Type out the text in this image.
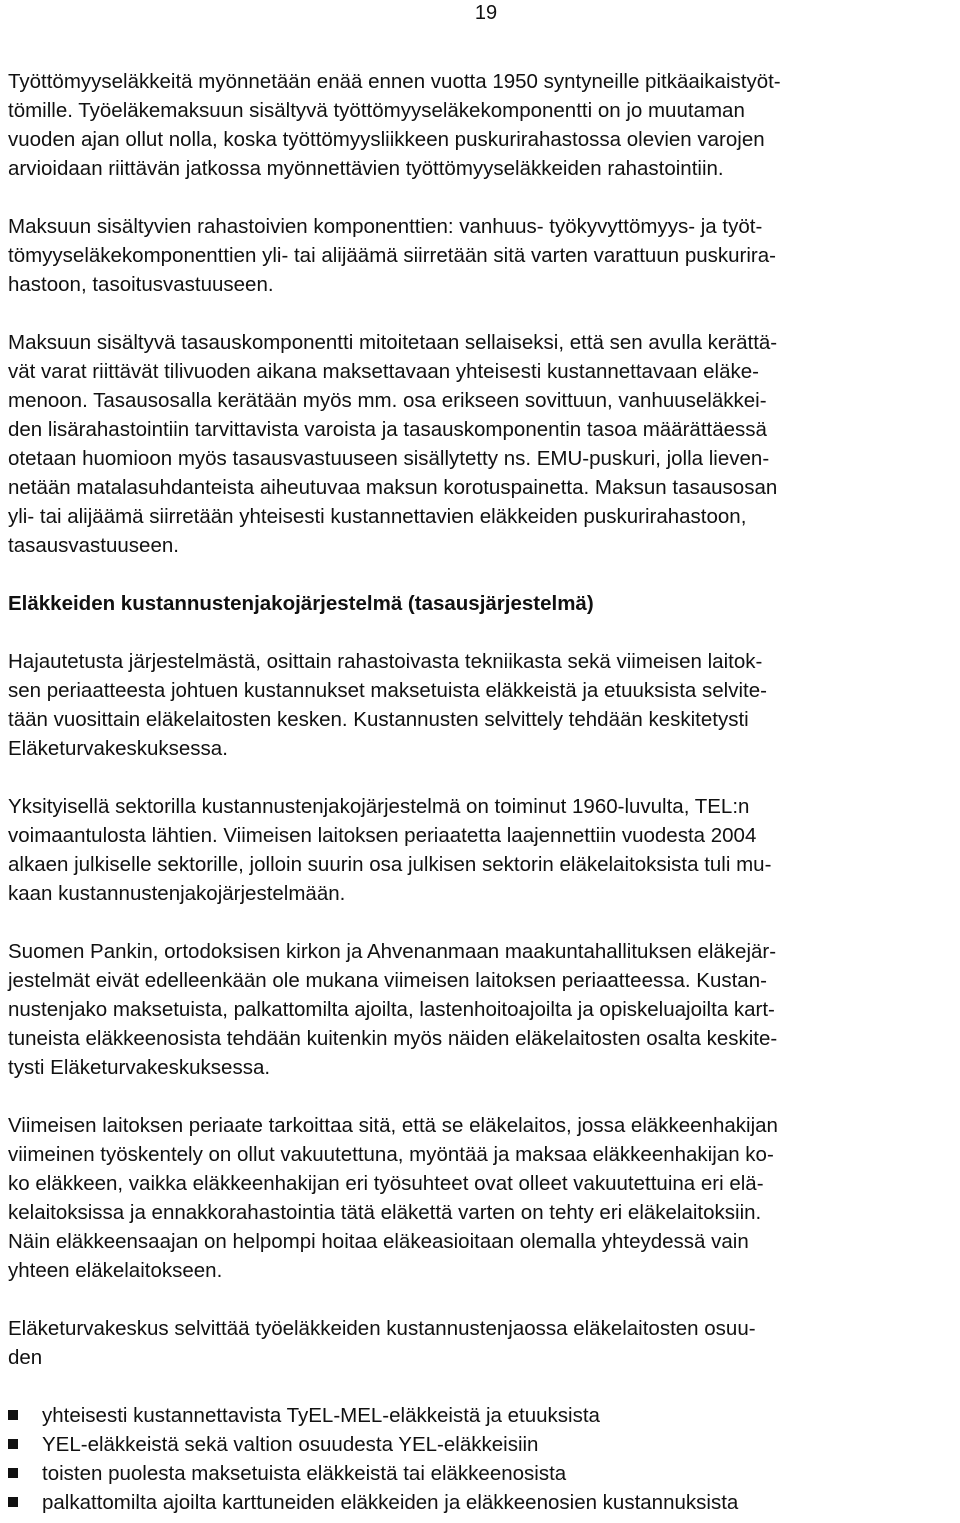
19
Työttömyyseläkkeitä myönnetään enää ennen vuotta 1950 syntyneille pitkäaikaistyöt-
tömille. Työeläkemaksuun sisältyvä työttömyyseläkekomponentti on jo muutaman
vuoden ajan ollut nolla, koska työttömyysliikkeen puskurirahastossa olevien varojen
arvioidaan riittävän jatkossa myönnettävien työttömyyseläkkeiden rahastointiin.
Maksuun sisältyvien rahastoivien komponenttien: vanhuus- työkyvyttömyys- ja työt-
tömyyseläkekomponenttien yli- tai alijäämä siirretään sitä varten varattuun puskurira-
hastoon, tasoitusvastuuseen.
Maksuun sisältyvä tasauskomponentti mitoitetaan sellaiseksi, että sen avulla kerättä-
vät varat riittävät tilivuoden aikana maksettavaan yhteisesti kustannettavaan eläke-
menoon. Tasausosalla kerätään myös mm. osa erikseen sovittuun, vanhuuseläkkei-
den lisärahastointiin tarvittavista varoista ja tasauskomponentin tasoa määrättäessä
otetaan huomioon myös tasausvastuuseen sisällytetty ns. EMU-puskuri, jolla lieven-
netään matalasuhdanteista aiheutuvaa maksun korotuspainetta. Maksun tasausosan
yli- tai alijäämä siirretään yhteisesti kustannettavien eläkkeiden puskurirahastoon,
tasausvastuuseen.
Eläkkeiden kustannustenjakojärjestelmä (tasausjärjestelmä)
Hajautetusta järjestelmästä, osittain rahastoivasta tekniikasta sekä viimeisen laitok-
sen periaatteesta johtuen kustannukset maksetuista eläkkeistä ja etuuksista selvite-
tään vuosittain eläkelaitosten kesken. Kustannusten selvittely tehdään keskitetysti
Eläketurvakeskuksessa.
Yksityisellä sektorilla kustannustenjakojärjestelmä on toiminut 1960-luvulta, TEL:n
voimaantulosta lähtien. Viimeisen laitoksen periaatetta laajennettiin vuodesta 2004
alkaen julkiselle sektorille, jolloin suurin osa julkisen sektorin eläkelaitoksista tuli mu-
kaan kustannustenjakojärjestelmään.
Suomen Pankin, ortodoksisen kirkon ja Ahvenanmaan maakuntahallituksen eläkejär-
jestelmät eivät edelleenkään ole mukana viimeisen laitoksen periaatteessa. Kustan-
nustenjako maksetuista, palkattomilta ajoilta, lastenhoitoajoilta ja opiskeluajoilta kart-
tuneista eläkkeenosista tehdään kuitenkin myös näiden eläkelaitosten osalta keskite-
tysti Eläketurvakeskuksessa.
Viimeisen laitoksen periaate tarkoittaa sitä, että se eläkelaitos, jossa eläkkeenhakijan
viimeinen työskentely on ollut vakuutettuna, myöntää ja maksaa eläkkeenhakijan ko-
ko eläkkeen, vaikka eläkkeenhakijan eri työsuhteet ovat olleet vakuutettuina eri elä-
kelaitoksissa ja ennakkorahastointia tätä eläkettä varten on tehty eri eläkelaitoksiin.
Näin eläkkeensaajan on helpompi hoitaa eläkeasioitaan olemalla yhteydessä vain
yhteen eläkelaitokseen.
Eläketurvakeskus selvittää työeläkkeiden kustannustenjaossa eläkelaitosten osuu-
den
yhteisesti kustannettavista TyEL-MEL-eläkkeistä ja etuuksista
YEL-eläkkeistä sekä valtion osuudesta YEL-eläkkeisiin
toisten puolesta maksetuista eläkkeistä tai eläkkeenosista
palkattomilta ajoilta karttuneiden eläkkeiden ja eläkkeenosien kustannuksista
